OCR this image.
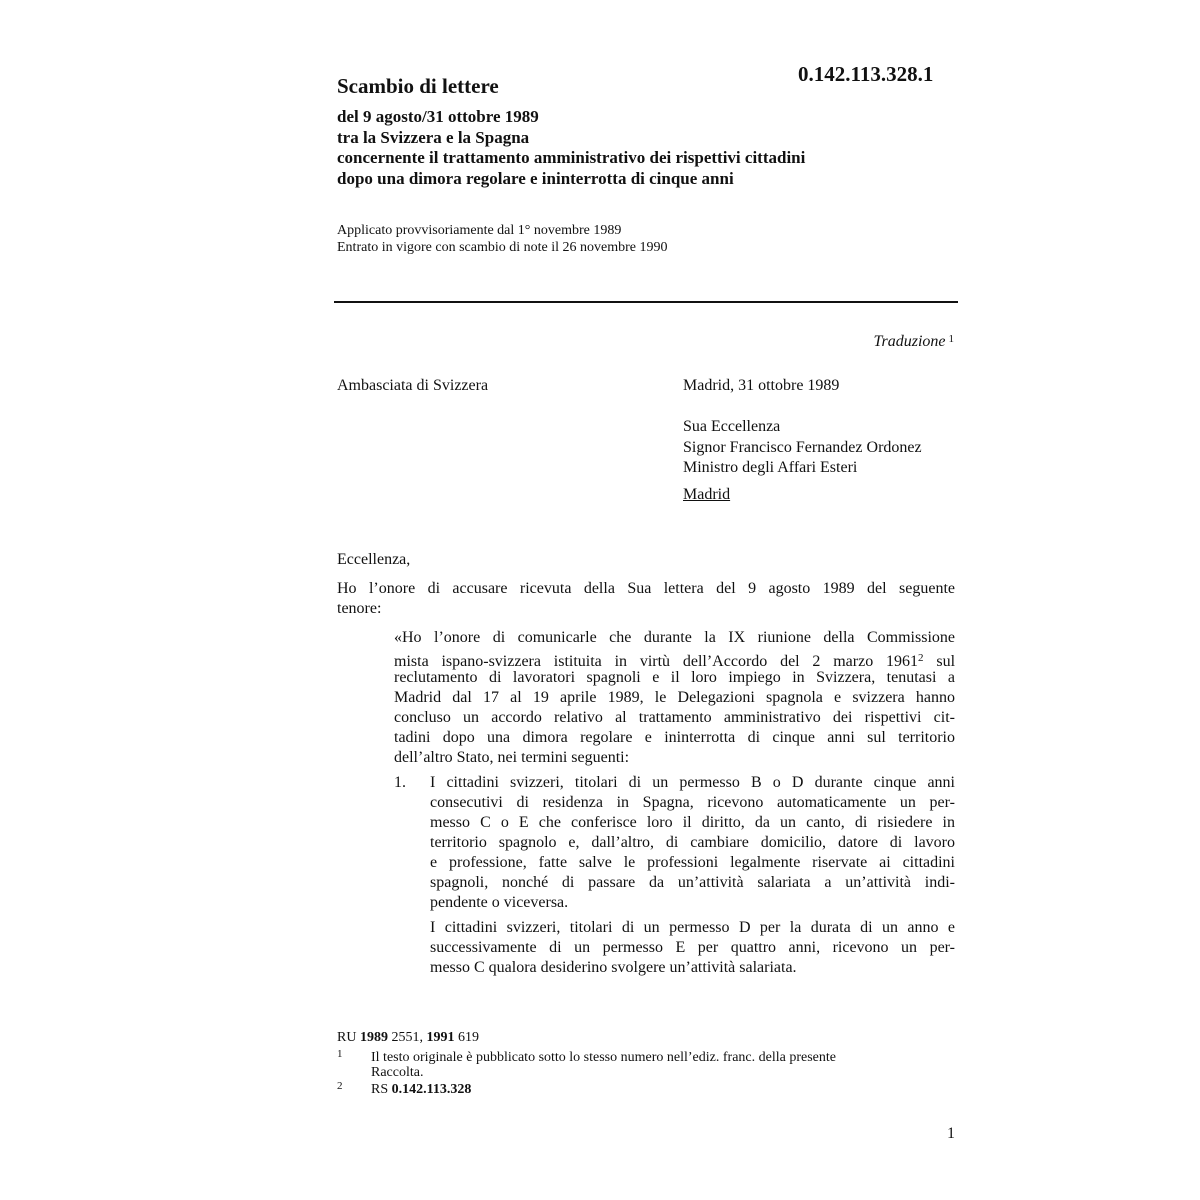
0.142.113.328.1
Scambio di lettere
del 9 agosto/31 ottobre 1989
tra la Svizzera e la Spagna
concernente il trattamento amministrativo dei rispettivi cittadini
dopo una dimora regolare e ininterrotta di cinque anni
Applicato provvisoriamente dal 1° novembre 1989
Entrato in vigore con scambio di note il 26 novembre 1990
Traduzione $^1$
Ambasciata di Svizzera	Madrid, 31 ottobre 1989
Sua Eccellenza
Signor Francisco Fernandez Ordonez
Ministro degli Affari Esteri
Madrid
Eccellenza,
Ho l’onore di accusare ricevuta della Sua lettera del 9 agosto 1989 del seguente
tenore:
«Ho l’onore di comunicarle che durante la IX riunione della Commissione
mista ispano-svizzera istituita in virtù dell’Accordo del 2 marzo 1961$^2$ sul
reclutamento di lavoratori spagnoli e il loro impiego in Svizzera, tenutasi a
Madrid dal 17 al 19 aprile 1989, le Delegazioni spagnola e svizzera hanno
concluso un accordo relativo al trattamento amministrativo dei rispettivi cit-
tadini dopo una dimora regolare e ininterrotta di cinque anni sul territorio
dell’altro Stato, nei termini seguenti:
1. I cittadini svizzeri, titolari di un permesso B o D durante cinque anni
consecutivi di residenza in Spagna, ricevono automaticamente un per-
messo C o E che conferisce loro il diritto, da un canto, di risiedere in
territorio spagnolo e, dall’altro, di cambiare domicilio, datore di lavoro
e professione, fatte salve le professioni legalmente riservate ai cittadini
spagnoli, nonché di passare da un’attività salariata a un’attività indi-
pendente o viceversa.
I cittadini svizzeri, titolari di un permesso D per la durata di un anno e
successivamente di un permesso E per quattro anni, ricevono un per-
messo C qualora desiderino svolgere un’attività salariata.
RU 1989 2551, 1991 619
1 Il testo originale è pubblicato sotto lo stesso numero nell’ediz. franc. della presente
Raccolta.
2	RS 0.142.113.328
1
